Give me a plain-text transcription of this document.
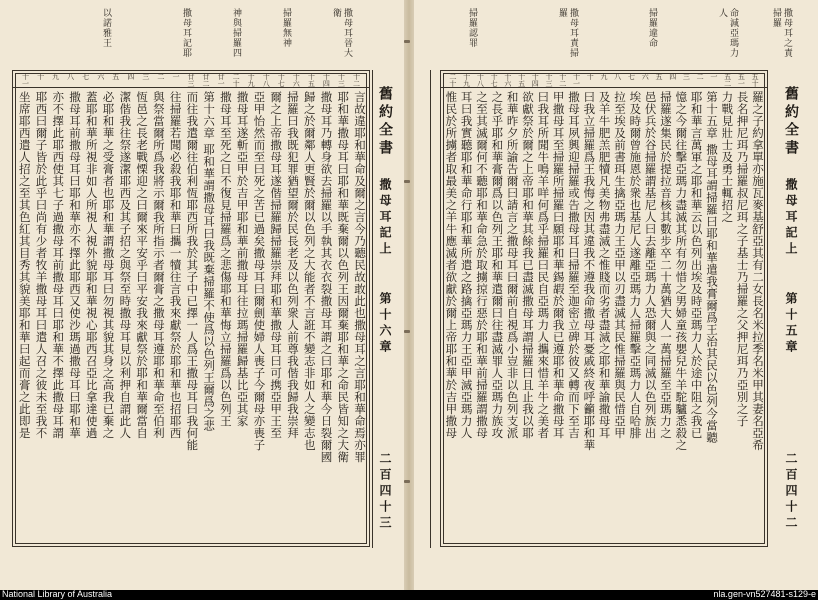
撒母耳晉大衛
掃羅無神
神與掃羅四
撒母耳記耶
以諾雅王
十二
十三
十四
十五
十六
十七
十八
十九
二十
廿一
廿二
廿三
一
二
三
四
五
六
七
八
九
十
十一
言故違耶和華命及爾之言今乃聽民故敢此也撒母耳之言耶和華命焉亦罪
耶和華撒母耳曰耶和華既棄爾以色列王因爾棄耶和華之命民皆知之大衛
撒母耳乃轉身欲去掃羅以手執其衣衣裂撒母耳謂之曰耶和華今日裂爾國
歸之於爾鄰人更賢於爾以色列之大能者不言誑不變志非如人之變志也
掃羅曰我既犯罪猶望爾於民長老及以色列衆人前尊我偕我歸我崇拜
爾之上帝撒母耳遂偕掃羅歸掃羅崇拜耶和華撒母耳曰可携亞甲王至
亞甲怡然而至曰死之苦已過矣撒母耳曰爾劍使婦人喪子今爾母亦喪子
撒母耳遂斬亞甲於吉甲耶和華前撒母耳往拉瑪掃羅歸基比亞其家
撒母耳至死之日不復見掃羅爲之悲傷耶和華悔立掃羅爲以色列王
第十六章 耶和華謂撒母耳曰我既棄掃羅不使爲以色列王爾爲之悲
而往我遣爾往伯利恆耶西所我於其子中已擇一人爲王撒母耳曰我何能
往掃羅若聞必殺我耶和華曰攜一犢往言我來獻祭於耶和華也招耶西
與祭當爾所爲我將示爾我所指示者爾膏之撒母耳遵耶和華命至伯利
恆邑之長老戰慄迎之曰爾來平安乎曰平安我來獻祭於耶和華爾當自
潔偕我往祭遂潔耶西及其子招之與祭至時撒母耳見以利押自謂此人
必耶和華之受膏者也耶和華謂撒母耳曰勿視其貌其身之高我已棄之
蓋耶和華所視非如人所視人視外貌耶和華視心耶西召亞比拿達使過
撒母耳前撒母耳曰耶和華亦不擇此耶西又使沙瑪過撒母耳曰耶和華
亦不擇此耶西使其七子過撒母耳前撒母耳曰耶和華不擇此撒母耳謂
耶西曰爾子皆於此乎曰尚有少者牧羊撒母耳曰遣人召之彼未至我不
坐席耶西遣人招之至其色紅其目秀其貌美耶和華曰起而膏之此即是	舊約全書
撒母耳記上
第十六章
二百四十三
撒母耳之責掃羅
命減亞瑪力人
掃羅違命
撒母耳責掃羅
掃羅認罪
五十
五一
五二
一
二
三
四
五
六
七
八
九
十
十一
十二
十三
十四
十五
十六
十七
十八
十九
二十
羅之子約拿單亦施瓦麥基舒亞其有二女長名米拉季名米甲其妻名亞希
長名押尼珥乃掃羅叔尼珥之子基士乃掃羅之父押尼珥乃亞別之子
力戰見壯士及勇士輒招之
第十五章 撒母耳謂掃羅曰耶和華遣我膏爾爲王治其民以色列今當聽
耶和華言萬軍之耶和華云以色列出埃及時亞瑪力人於途中阻之我已
憶之今爾往擊亞瑪力盡滅其所有勿惜之男婦童孩嬰兒牛羊駝驢悉殺之
掃羅遂集民於提拉音核其數步卒二十萬猶大人一萬掃羅至亞瑪力之
邑伏兵於谷掃羅謂基尼人曰去離亞瑪力人恐爾與之同滅以色列族出
埃及時爾曾施恩於衆也基尼人遂離亞瑪力人掃羅擊亞瑪力人自哈腓
拉至埃及前書珥生擒亞瑪力王亞甲以刃盡滅其民惟掃羅與民惜亞甲
及羊牛肥羔肥犢凡美物弗盡滅之惟賤而劣者盡滅之耶和華諭撒母耳
曰我立掃羅爲王我悔之因其違我不遵我命撒母耳憂戚終夜呼籲耶和華
撒母耳夙興迎掃羅或告撒母耳曰掃羅至迦密立碑於彼又轉而下至吉
甲撒母耳至掃羅所掃羅曰願耶和華錫嘏於爾我已遵耶和華命撒母耳
曰我耳所聞牛鳴羊咩何爲乎掃羅曰民自亞瑪力人攜來惜羊牛之美者
欲獻祭於爾之上帝耶和華其餘我已盡滅撒母耳謂掃羅曰且止我以耶
和華昨夕所諭告爾曰請言之撒母耳曰爾前自視爲小豈非以色列支派
之長乎耶和華膏爾爲以色列王耶和華遣爾曰往盡滅罪人亞瑪力族攻
之至其滅爾何不聽耶和華命急於取擄掠行惡於耶和華前掃羅謂撒母
耳曰我實聽耶和華命行耶和華所遣之路擒亞瑪力王亞甲滅亞瑪力人
惟民於所擄者取最美之羊牛應滅者欲獻於爾上帝耶和華於吉甲撒母	舊約全書
撒母耳記上
第十五章
二百四十二
National Library of Australia	nla.gen-vn527481-s129-e
